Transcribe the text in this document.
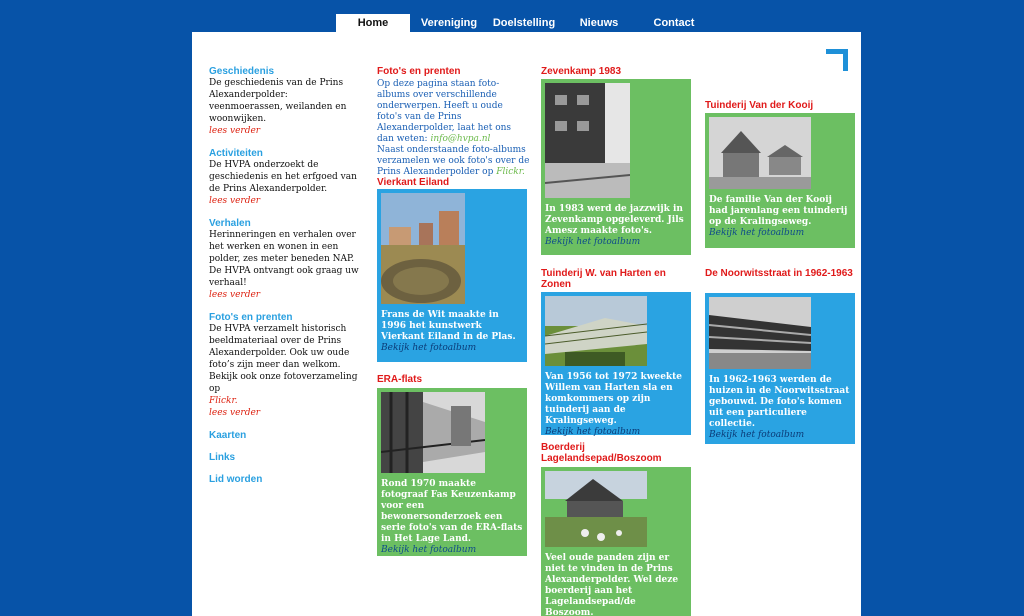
Home	Vereniging	Doelstelling	Nieuws	Contact
Geschiedenis

De geschiedenis van de Prins Alexanderpolder: veenmoerassen, weilanden en woonwijken.

lees verder
Activiteiten

De HVPA onderzoekt de geschiedenis en het erfgoed van de Prins Alexanderpolder.

lees verder
Verhalen

Herinneringen en verhalen over het werken en wonen in een polder, zes meter beneden NAP. De HVPA ontvangt ook graag uw verhaal!

lees verder
Foto's en prenten

De HVPA verzamelt historisch beeldmateriaal over de Prins Alexanderpolder. Ook uw oude foto’s zijn meer dan welkom.

Bekijk ook onze fotoverzameling op
Flickr.

lees verder
Kaarten
Links
Lid worden
Foto's en prenten
Op deze pagina staan foto-albums over verschillende onderwerpen. Heeft u oude foto's van de Prins Alexanderpolder, laat het ons dan weten: info@hvpa.nl
Naast onderstaande foto-albums verzamelen we ook foto's over de Prins Alexanderpolder op Flickr.
Vierkant Eiland
Frans de Wit maakte in 1996 het kunstwerk Vierkant Eiland in de Plas.
Bekijk het fotoalbum
ERA-flats
Rond 1970 maakte fotograaf Fas Keuzenkamp voor een bewonersonderzoek een serie foto's van de ERA-flats in Het Lage Land.
Bekijk het fotoalbum
Zevenkamp 1983
In 1983 werd de jazzwijk in Zevenkamp opgeleverd. Jils Amesz maakte foto's.
Bekijk het fotoalbum
Tuinderij W. van Harten en Zonen
Van 1956 tot 1972 kweekte Willem van Harten sla en komkommers op zijn tuinderij aan de Kralingseweg.
Bekijk het fotoalbum
Boerderij Lagelandsepad/Boszoom
Veel oude panden zijn er niet te vinden in de Prins Alexanderpolder. Wel deze boerderij aan het Lagelandsepad/de Boszoom.
Tuinderij Van der Kooij
De familie Van der Kooij had jarenlang een tuinderij op de Kralingseweg.
Bekijk het fotoalbum
De Noorwitsstraat in 1962-1963
In 1962-1963 werden de huizen in de Noorwitsstraat gebouwd. De foto's komen uit een particuliere collectie.
Bekijk het fotoalbum
